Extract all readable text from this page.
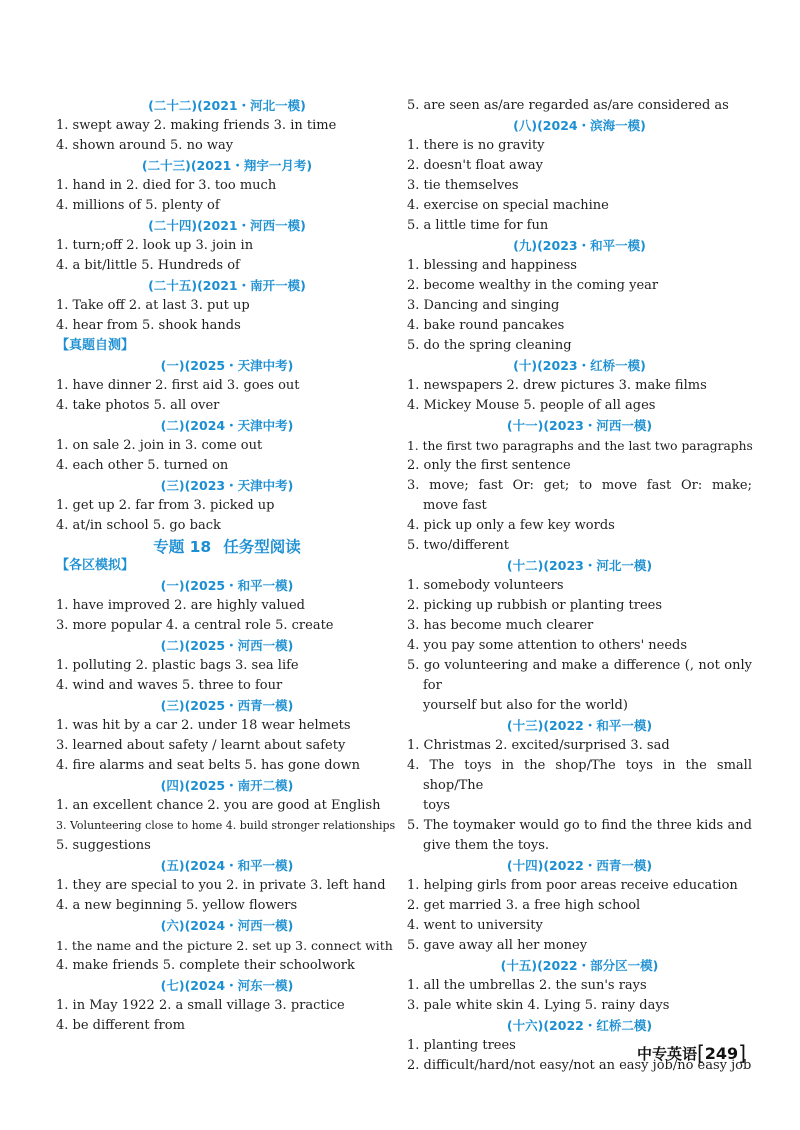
(二十二)(2021・河北一模)
1. swept away 2. making friends 3. in time
4. shown around 5. no way
(二十三)(2021・翔宇一月考)
1. hand in 2. died for 3. too much
4. millions of 5. plenty of
(二十四)(2021・河西一模)
1. turn;off 2. look up 3. join in
4. a bit/little 5. Hundreds of
(二十五)(2021・南开一模)
1. Take off 2. at last 3. put up
4. hear from 5. shook hands
【真题自测】
(一)(2025・天津中考)
1. have dinner 2. first aid 3. goes out
4. take photos 5. all over
(二)(2024・天津中考)
1. on sale 2. join in 3. come out
4. each other 5. turned on
(三)(2023・天津中考)
1. get up 2. far from 3. picked up
4. at/in school 5. go back
专题 18 任务型阅读
【各区模拟】
(一)(2025・和平一模)
1. have improved 2. are highly valued
3. more popular 4. a central role 5. create
(二)(2025・河西一模)
1. polluting 2. plastic bags 3. sea life
4. wind and waves 5. three to four
(三)(2025・西青一模)
1. was hit by a car 2. under 18 wear helmets
3. learned about safety / learnt about safety
4. fire alarms and seat belts 5. has gone down
(四)(2025・南开二模)
1. an excellent chance 2. you are good at English
3. Volunteering close to home 4. build stronger relationships
5. suggestions
(五)(2024・和平一模)
1. they are special to you 2. in private 3. left hand
4. a new beginning 5. yellow flowers
(六)(2024・河西一模)
1. the name and the picture 2. set up 3. connect with
4. make friends 5. complete their schoolwork
(七)(2024・河东一模)
1. in May 1922 2. a small village 3. practice
4. be different from
5. are seen as/are regarded as/are considered as
(八)(2024・滨海一模)
1. there is no gravity
2. doesn't float away
3. tie themselves
4. exercise on special machine
5. a little time for fun
(九)(2023・和平一模)
1. blessing and happiness
2. become wealthy in the coming year
3. Dancing and singing
4. bake round pancakes
5. do the spring cleaning
(十)(2023・红桥一模)
1. newspapers 2. drew pictures 3. make films
4. Mickey Mouse 5. people of all ages
(十一)(2023・河西一模)
1. the first two paragraphs and the last two paragraphs
2. only the first sentence
3. move; fast Or: get; to move fast Or: make;
move fast
4. pick up only a few key words
5. two/different
(十二)(2023・河北一模)
1. somebody volunteers
2. picking up rubbish or planting trees
3. has become much clearer
4. you pay some attention to others' needs
5. go volunteering and make a difference (, not only for
yourself but also for the world)
(十三)(2022・和平一模)
1. Christmas 2. excited/surprised 3. sad
4. The toys in the shop/The toys in the small shop/The
toys
5. The toymaker would go to find the three kids and
give them the toys.
(十四)(2022・西青一模)
1. helping girls from poor areas receive education
2. get married 3. a free high school
4. went to university
5. gave away all her money
(十五)(2022・部分区一模)
1. all the umbrellas 2. the sun's rays
3. pale white skin 4. Lying 5. rainy days
(十六)(2022・红桥二模)
1. planting trees
2. difficult/hard/not easy/not an easy job/no easy job
中专英语[249]
